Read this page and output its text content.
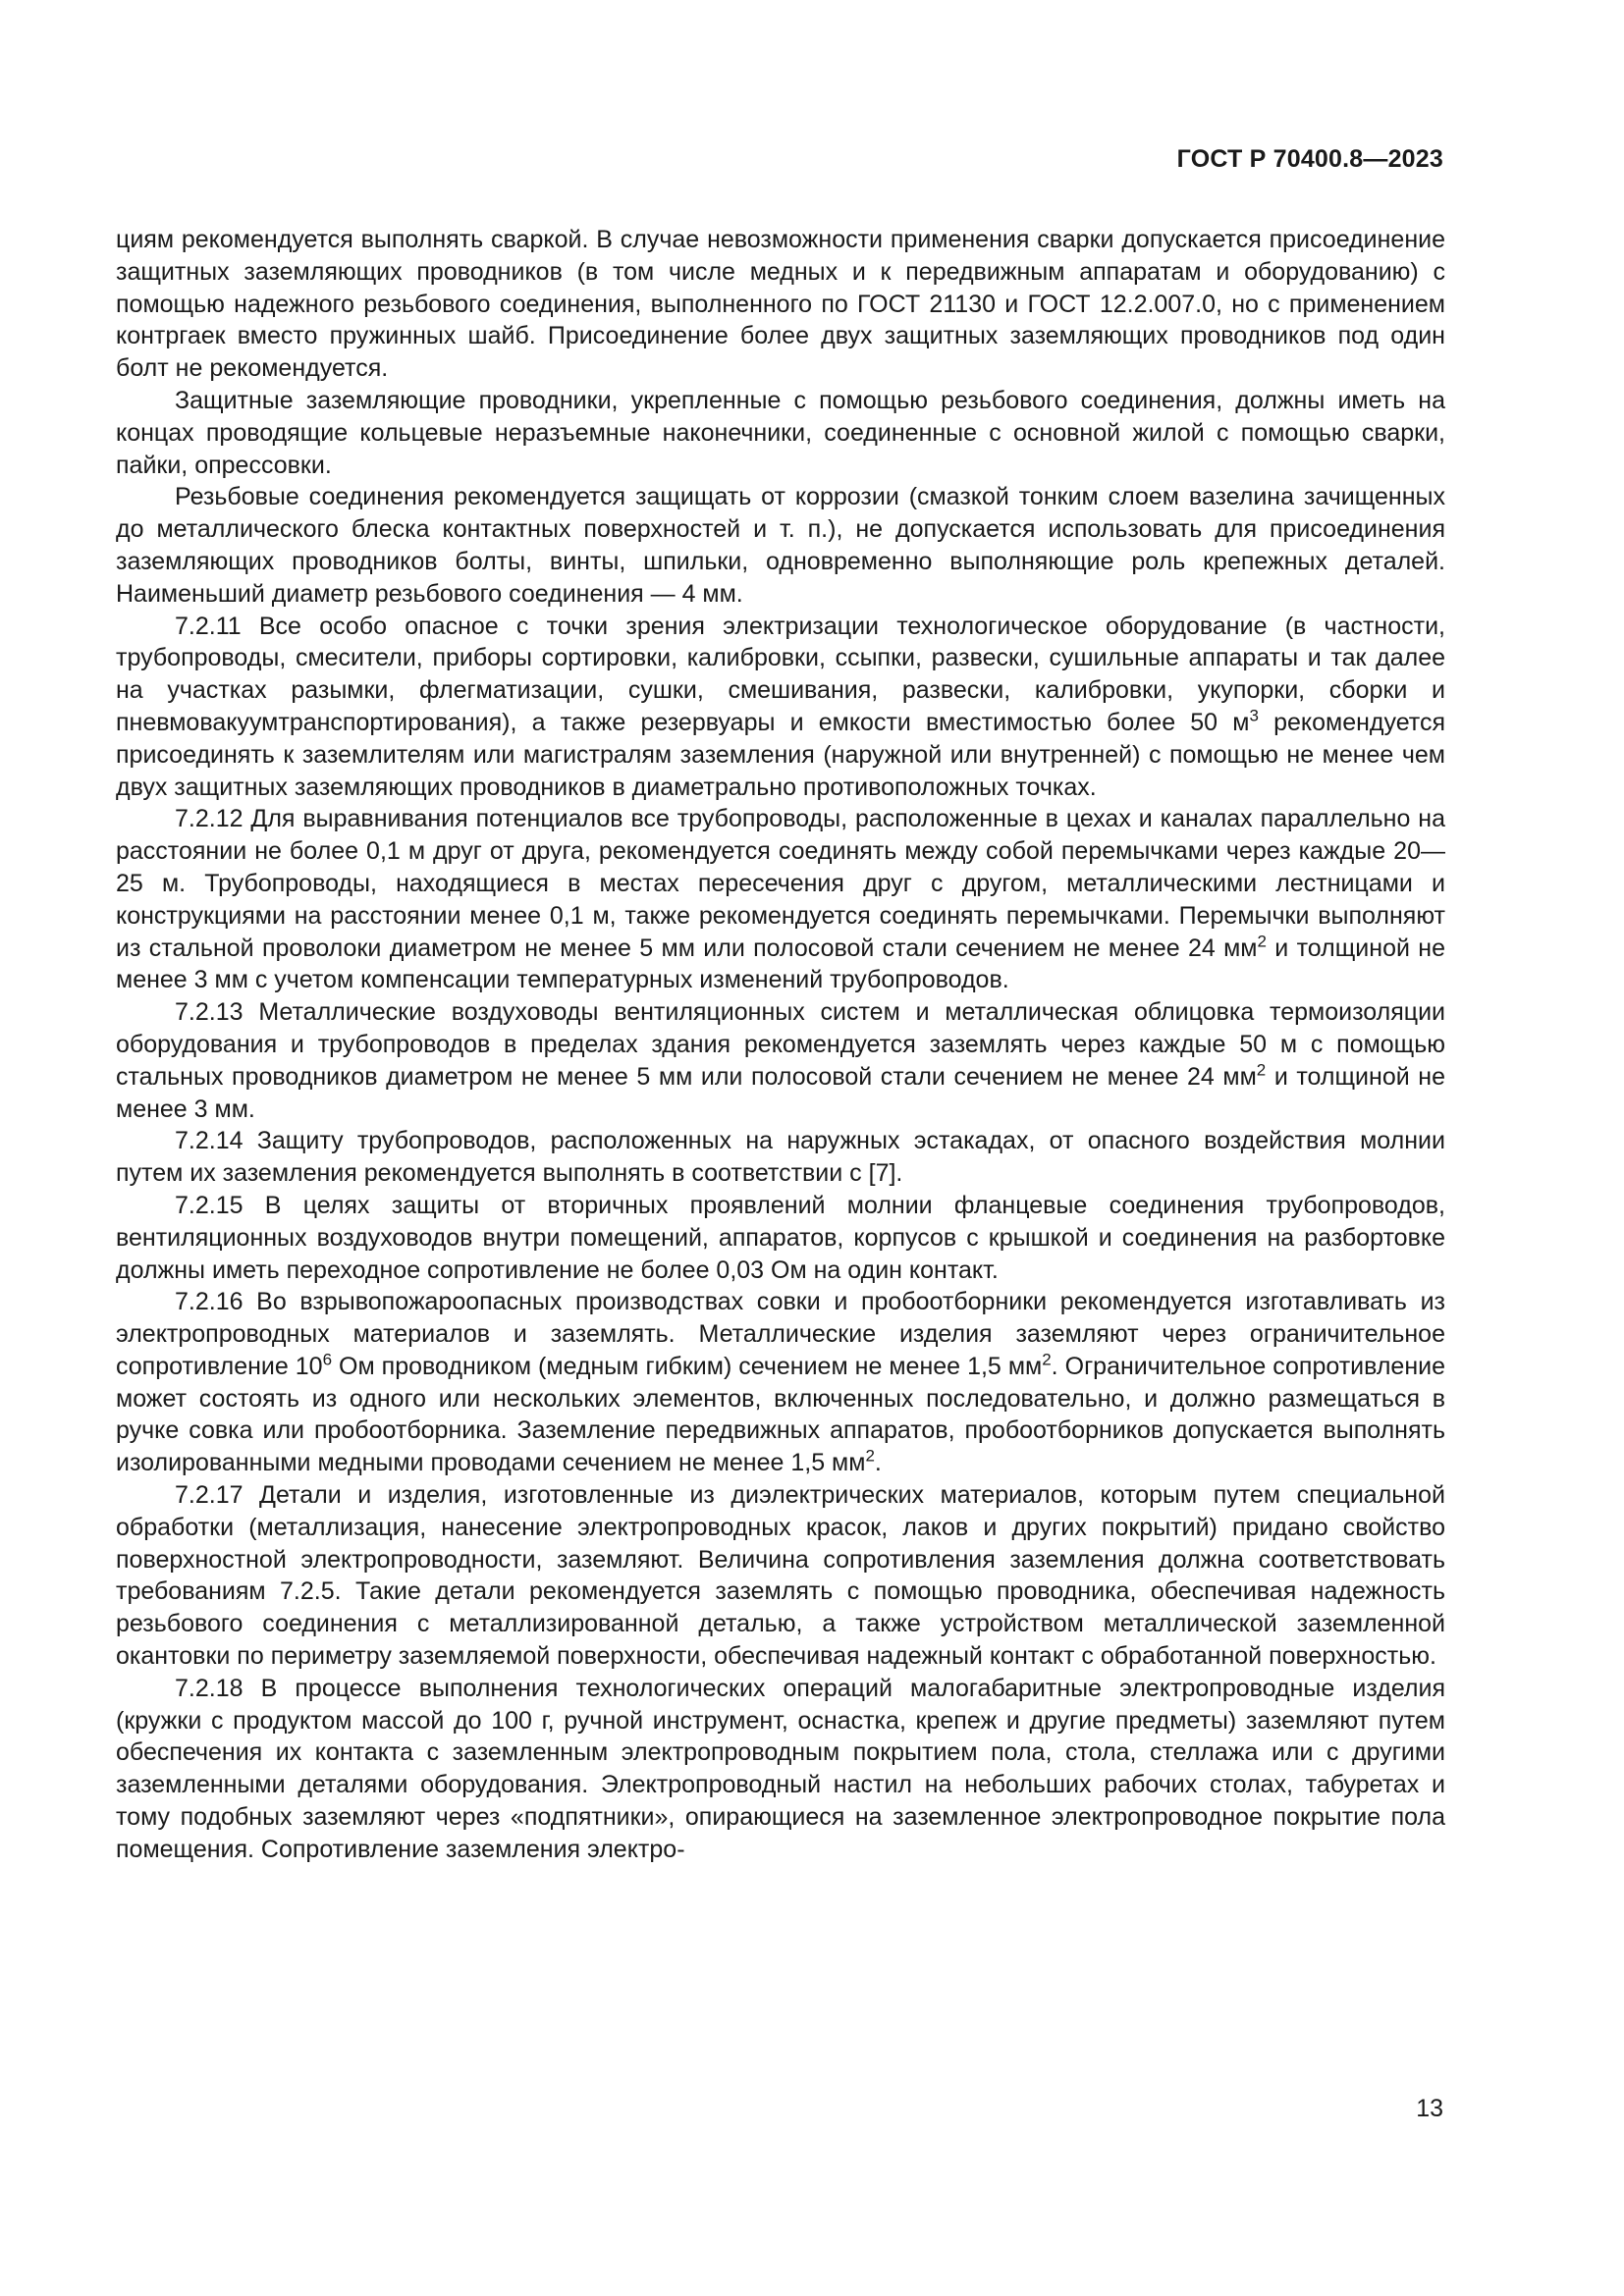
ГОСТ Р 70400.8—2023

циям рекомендуется выполнять сваркой. В случае невозможности применения сварки допускается присоединение защитных заземляющих проводников (в том числе медных и к передвижным аппаратам и оборудованию) с помощью надежного резьбового соединения, выполненного по ГОСТ 21130 и ГОСТ 12.2.007.0, но с применением контргаек вместо пружинных шайб. Присоединение более двух защитных заземляющих проводников под один болт не рекомендуется.

Защитные заземляющие проводники, укрепленные с помощью резьбового соединения, должны иметь на концах проводящие кольцевые неразъемные наконечники, соединенные с основной жилой с помощью сварки, пайки, опрессовки.

Резьбовые соединения рекомендуется защищать от коррозии (смазкой тонким слоем вазелина зачищенных до металлического блеска контактных поверхностей и т. п.), не допускается использовать для присоединения заземляющих проводников болты, винты, шпильки, одновременно выполняющие роль крепежных деталей. Наименьший диаметр резьбового соединения — 4 мм.

7.2.11 Все особо опасное с точки зрения электризации технологическое оборудование (в частности, трубопроводы, смесители, приборы сортировки, калибровки, ссыпки, развески, сушильные аппараты и так далее на участках разымки, флегматизации, сушки, смешивания, развески, калибровки, укупорки, сборки и пневмовакуумтранспортирования), а также резервуары и емкости вместимостью более 50 $м^3$ рекомендуется присоединять к заземлителям или магистралям заземления (наружной или внутренней) с помощью не менее чем двух защитных заземляющих проводников в диаметрально противоположных точках.

7.2.12 Для выравнивания потенциалов все трубопроводы, расположенные в цехах и каналах параллельно на расстоянии не более 0,1 м друг от друга, рекомендуется соединять между собой перемычками через каждые 20—25 м. Трубопроводы, находящиеся в местах пересечения друг с другом, металлическими лестницами и конструкциями на расстоянии менее 0,1 м, также рекомендуется соединять перемычками. Перемычки выполняют из стальной проволоки диаметром не менее 5 мм или полосовой стали сечением не менее 24 $мм^2$ и толщиной не менее 3 мм с учетом компенсации температурных изменений трубопроводов.

7.2.13 Металлические воздуховоды вентиляционных систем и металлическая облицовка термоизоляции оборудования и трубопроводов в пределах здания рекомендуется заземлять через каждые 50 м с помощью стальных проводников диаметром не менее 5 мм или полосовой стали сечением не менее 24 $мм^2$ и толщиной не менее 3 мм.

7.2.14 Защиту трубопроводов, расположенных на наружных эстакадах, от опасного воздействия молнии путем их заземления рекомендуется выполнять в соответствии с [7].

7.2.15 В целях защиты от вторичных проявлений молнии фланцевые соединения трубопроводов, вентиляционных воздуховодов внутри помещений, аппаратов, корпусов с крышкой и соединения на разбортовке должны иметь переходное сопротивление не более 0,03 Ом на один контакт.

7.2.16 Во взрывопожароопасных производствах совки и пробоотборники рекомендуется изготавливать из электропроводных материалов и заземлять. Металлические изделия заземляют через ограничительное сопротивление $10^6$ Ом проводником (медным гибким) сечением не менее 1,5 $мм^2$. Ограничительное сопротивление может состоять из одного или нескольких элементов, включенных последовательно, и должно размещаться в ручке совка или пробоотборника. Заземление передвижных аппаратов, пробоотборников допускается выполнять изолированными медными проводами сечением не менее 1,5 $мм^2$.

7.2.17 Детали и изделия, изготовленные из диэлектрических материалов, которым путем специальной обработки (металлизация, нанесение электропроводных красок, лаков и других покрытий) придано свойство поверхностной электропроводности, заземляют. Величина сопротивления заземления должна соответствовать требованиям 7.2.5. Такие детали рекомендуется заземлять с помощью проводника, обеспечивая надежность резьбового соединения с металлизированной деталью, а также устройством металлической заземленной окантовки по периметру заземляемой поверхности, обеспечивая надежный контакт с обработанной поверхностью.

7.2.18 В процессе выполнения технологических операций малогабаритные электропроводные изделия (кружки с продуктом массой до 100 г, ручной инструмент, оснастка, крепеж и другие предметы) заземляют путем обеспечения их контакта с заземленным электропроводным покрытием пола, стола, стеллажа или с другими заземленными деталями оборудования. Электропроводный настил на небольших рабочих столах, табуретах и тому подобных заземляют через «подпятники», опирающиеся на заземленное электропроводное покрытие пола помещения. Сопротивление заземления электро-

13
